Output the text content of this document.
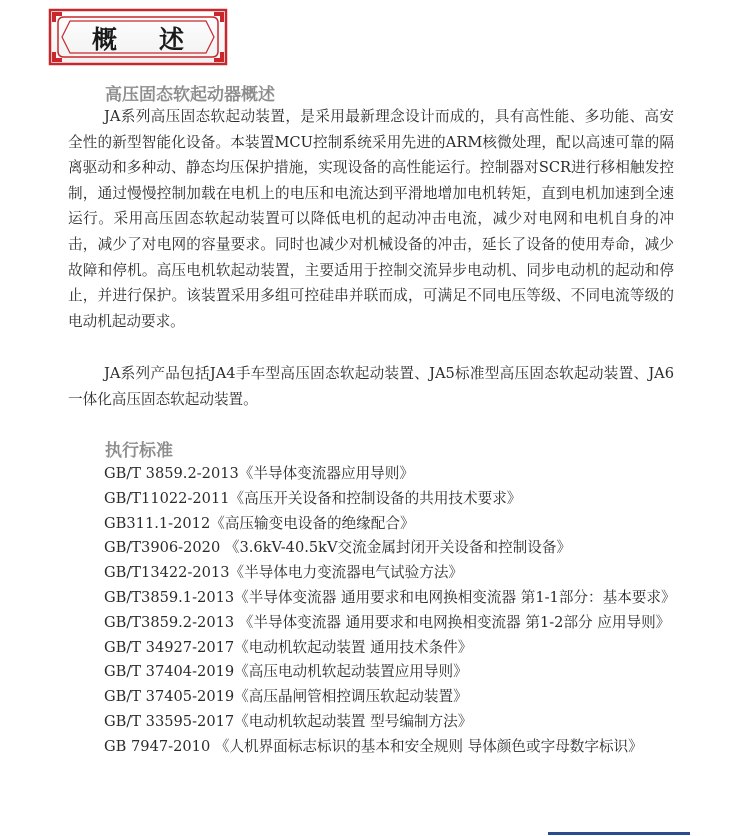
概述
高压固态软起动器概述

JA系列高压固态软起动装置，是采用最新理念设计而成的，具有高性能、多功能、高安全性的新型智能化设备。本装置MCU控制系统采用先进的ARM核微处理，配以高速可靠的隔离驱动和多种动、静态均压保护措施，实现设备的高性能运行。控制器对SCR进行移相触发控制，通过慢慢控制加载在电机上的电压和电流达到平滑地增加电机转矩，直到电机加速到全速运行。采用高压固态软起动装置可以降低电机的起动冲击电流，减少对电网和电机自身的冲击，减少了对电网的容量要求。同时也减少对机械设备的冲击，延长了设备的使用寿命，减少故障和停机。高压电机软起动装置，主要适用于控制交流异步电动机、同步电动机的起动和停止，并进行保护。该装置采用多组可控硅串并联而成，可满足不同电压等级、不同电流等级的电动机起动要求。

JA系列产品包括JA4手车型高压固态软起动装置、JA5标准型高压固态软起动装置、JA6一体化高压固态软起动装置。

执行标准
GB/T 3859.2-2013《半导体变流器应用导则》
GB/T11022-2011《高压开关设备和控制设备的共用技术要求》
GB311.1-2012《高压输变电设备的绝缘配合》
GB/T3906-2020 《3.6kV-40.5kV交流金属封闭开关设备和控制设备》
GB/T13422-2013《半导体电力变流器电气试验方法》
GB/T3859.1-2013《半导体变流器 通用要求和电网换相变流器 第1-1部分：基本要求》
GB/T3859.2-2013 《半导体变流器 通用要求和电网换相变流器 第1-2部分 应用导则》
GB/T 34927-2017《电动机软起动装置 通用技术条件》
GB/T 37404-2019《高压电动机软起动装置应用导则》
GB/T 37405-2019《高压晶闸管相控调压软起动装置》
GB/T 33595-2017《电动机软起动装置 型号编制方法》
GB 7947-2010 《人机界面标志标识的基本和安全规则 导体颜色或字母数字标识》
